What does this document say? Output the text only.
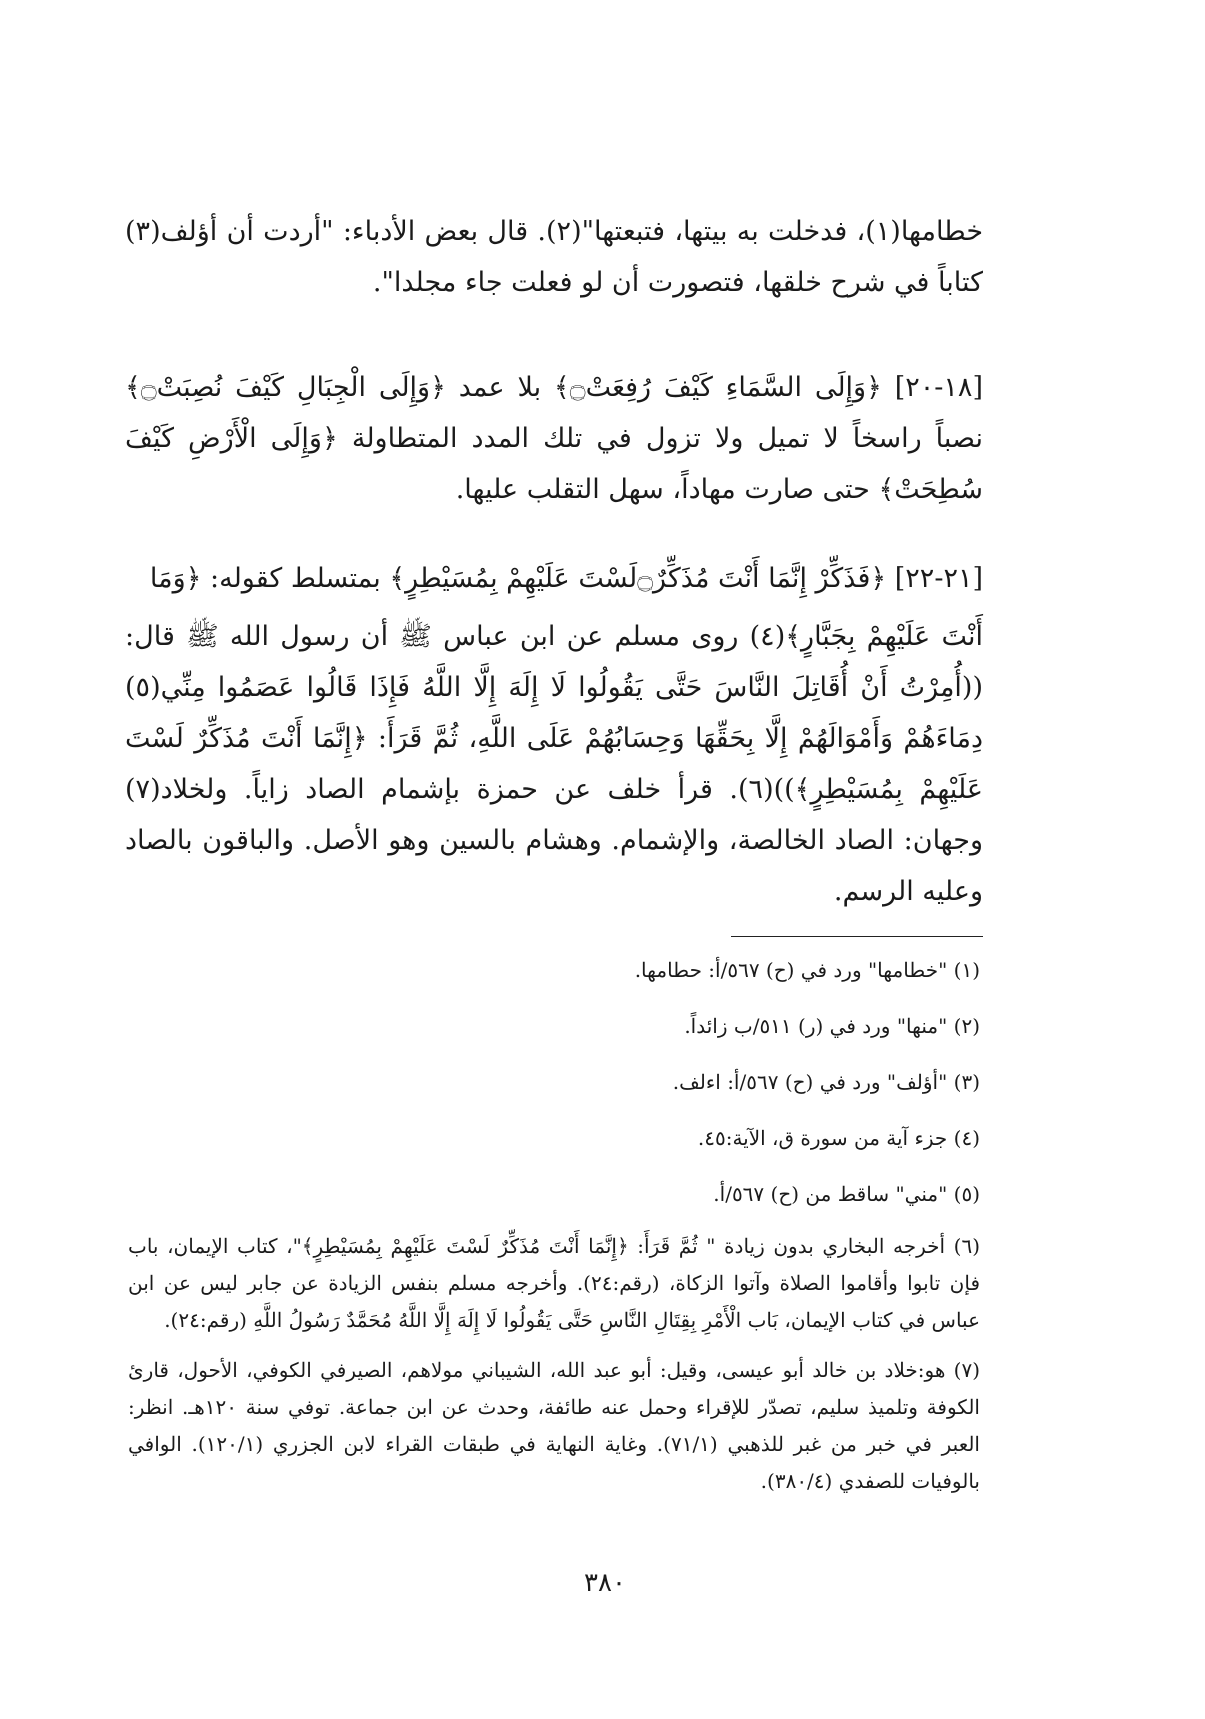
خطامها(١)، فدخلت به بيتها، فتبعتها"(٢). قال بعض الأدباء: "أردت أن أؤلف(٣) كتاباً في شرح خلقها، فتصورت أن لو فعلت جاء مجلدا".

[١٨-٢٠] ﴿وَإِلَى السَّمَاءِ كَيْفَ رُفِعَتْ۝﴾ بلا عمد ﴿وَإِلَى الْجِبَالِ كَيْفَ نُصِبَتْ۝﴾ نصباً راسخاً لا تميل ولا تزول في تلك المدد المتطاولة ﴿وَإِلَى الْأَرْضِ كَيْفَ سُطِحَتْ﴾ حتى صارت مهاداً، سهل التقلب عليها.

[٢١-٢٢] ﴿فَذَكِّرْ إِنَّمَا أَنْتَ مُذَكِّرٌ۝لَسْتَ عَلَيْهِمْ بِمُسَيْطِرٍ﴾ بمتسلط كقوله: ﴿وَمَا

أَنْتَ عَلَيْهِمْ بِجَبَّارٍ﴾(٤) روى مسلم عن ابن عباس ﷺ أن رسول الله ﷺ قال: ((أُمِرْتُ أَنْ أُقَاتِلَ النَّاسَ حَتَّى يَقُولُوا لَا إِلَهَ إِلَّا اللَّهُ فَإِذَا قَالُوا عَصَمُوا مِنِّي(٥) دِمَاءَهُمْ وَأَمْوَالَهُمْ إِلَّا بِحَقِّهَا وَحِسَابُهُمْ عَلَى اللَّهِ، ثُمَّ قَرَأَ: ﴿إِنَّمَا أَنْتَ مُذَكِّرٌ لَسْتَ عَلَيْهِمْ بِمُسَيْطِرٍ﴾))(٦). قرأ خلف عن حمزة بإشمام الصاد زاياً. ولخلاد(٧) وجهان: الصاد الخالصة، والإشمام. وهشام بالسين وهو الأصل. والباقون بالصاد وعليه الرسم.

(١) "خطامها" ورد في (ح) ٥٦٧/أ: حطامها.

(٢) "منها" ورد في (ر) ٥١١/ب زائداً.

(٣) "أؤلف" ورد في (ح) ٥٦٧/أ: اءلف.

(٤) جزء آية من سورة ق، الآية:٤٥.

(٥) "مني" ساقط من (ح) ٥٦٧/أ.

(٦) أخرجه البخاري بدون زيادة " ثُمَّ قَرَأَ: ﴿إِنَّمَا أَنْتَ مُذَكِّرٌ لَسْتَ عَلَيْهِمْ بِمُسَيْطِرٍ﴾"، كتاب الإيمان، باب فإن تابوا وأقاموا الصلاة وآتوا الزكاة، (رقم:٢٤). وأخرجه مسلم بنفس الزيادة عن جابر ليس عن ابن عباس في كتاب الإيمان، بَاب الْأَمْرِ بِقِتَالِ النَّاسِ حَتَّى يَقُولُوا لَا إِلَهَ إِلَّا اللَّهُ مُحَمَّدٌ رَسُولُ اللَّهِ (رقم:٢٤).

(٧) هو:خلاد بن خالد أبو عيسى، وقيل: أبو عبد الله، الشيباني مولاهم، الصيرفي الكوفي، الأحول، قارئ الكوفة وتلميذ سليم، تصدّر للإقراء وحمل عنه طائفة، وحدث عن ابن جماعة. توفي سنة ١٢٠هـ. انظر: العبر في خبر من غبر للذهبي (٧١/١). وغاية النهاية في طبقات القراء لابن الجزري (١٢٠/١). الوافي بالوفيات للصفدي (٣٨٠/٤).

٣٨٠
